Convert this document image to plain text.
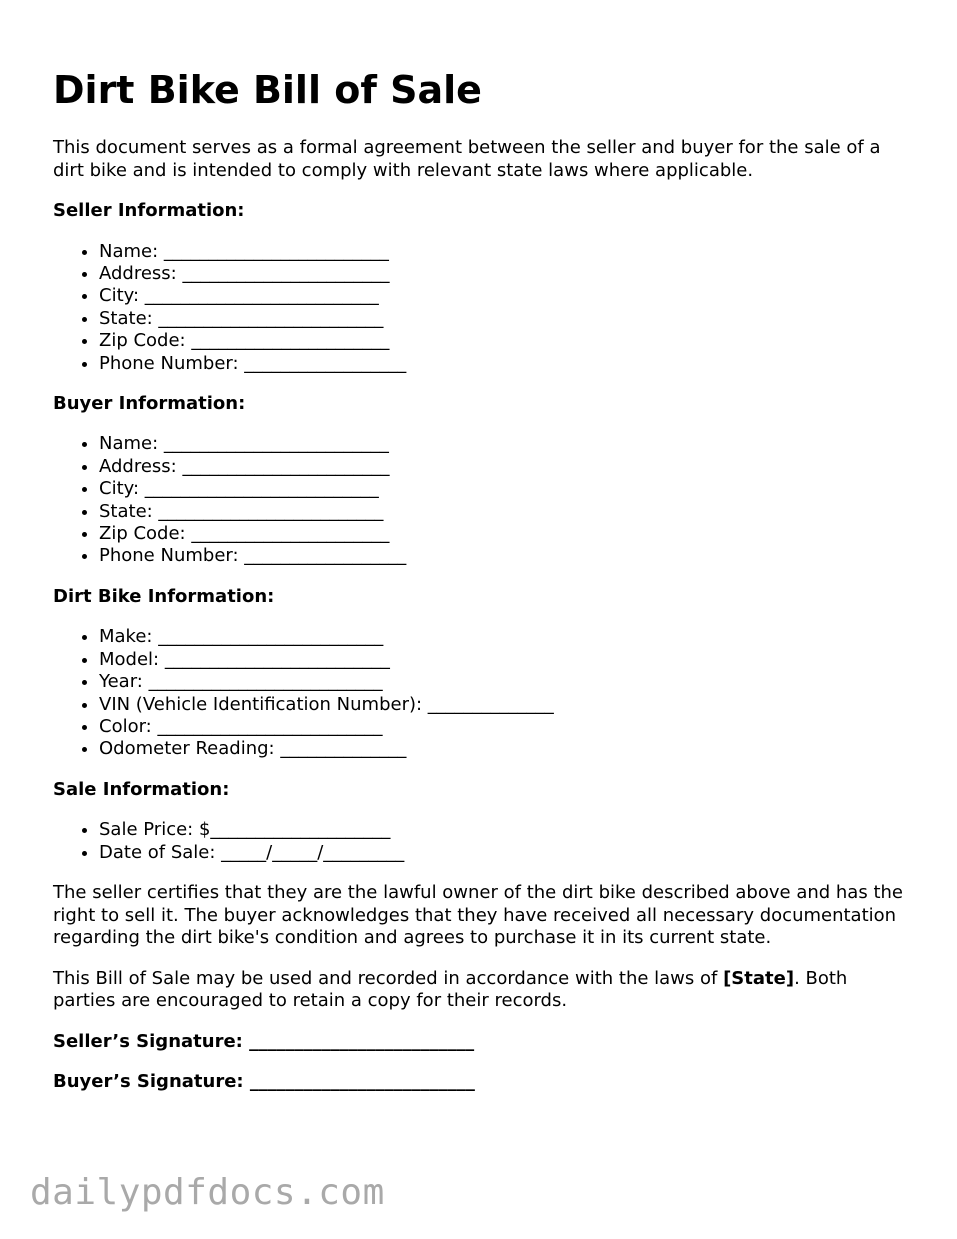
Dirt Bike Bill of Sale

This document serves as a formal agreement between the seller and buyer for the sale of a dirt bike and is intended to comply with relevant state laws where applicable.

Seller Information:
• Name: _________________________
• Address: _______________________
• City: __________________________
• State: _________________________
• Zip Code: ______________________
• Phone Number: __________________
Buyer Information:
• Name: _________________________
• Address: _______________________
• City: __________________________
• State: _________________________
• Zip Code: ______________________
• Phone Number: __________________
Dirt Bike Information:
• Make: _________________________
• Model: _________________________
• Year: __________________________
• VIN (Vehicle Identification Number): ______________
• Color: _________________________
• Odometer Reading: ______________
Sale Information:
• Sale Price: $____________________
• Date of Sale: _____/_____/_________

The seller certifies that they are the lawful owner of the dirt bike described above and has the right to sell it. The buyer acknowledges that they have received all necessary documentation regarding the dirt bike's condition and agrees to purchase it in its current state.

This Bill of Sale may be used and recorded in accordance with the laws of [State]. Both parties are encouraged to retain a copy for their records.

Seller’s Signature: _________________________
Buyer’s Signature: _________________________
dailypdfdocs.com
